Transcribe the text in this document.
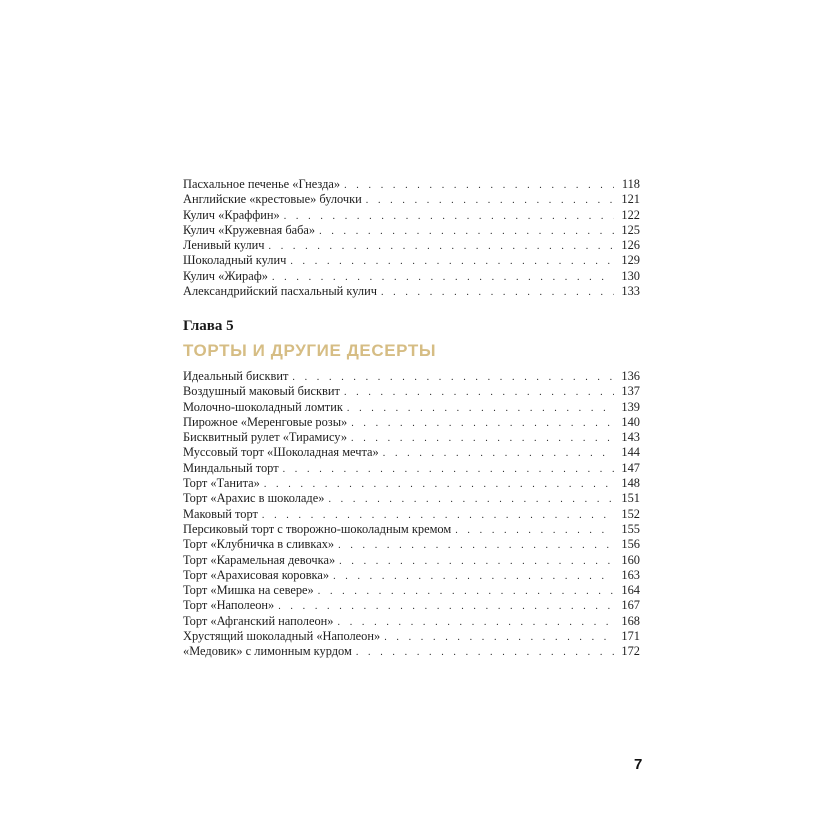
Пасхальное печенье «Гнезда» . . .	118
Английские «крестовые» булочки . . .	121
Кулич «Краффин» . . .	122
Кулич «Кружевная баба» . . .	125
Ленивый кулич . . .	126
Шоколадный кулич . . .	129
Кулич «Жираф» . . .	130
Александрийский пасхальный кулич . . .	133
Глава 5
ТОРТЫ И ДРУГИЕ ДЕСЕРТЫ
Идеальный бисквит . . .	136
Воздушный маковый бисквит . . .	137
Молочно-шоколадный ломтик . . .	139
Пирожное «Меренговые розы» . . .	140
Бисквитный рулет «Тирамису» . . .	143
Муссовый торт «Шоколадная мечта» . . .	144
Миндальный торт . . .	147
Торт «Танита» . . .	148
Торт «Арахис в шоколаде» . . .	151
Маковый торт . . .	152
Персиковый торт с творожно-шоколадным кремом . . .	155
Торт «Клубничка в сливках» . . .	156
Торт «Карамельная девочка» . . .	160
Торт «Арахисовая коровка» . . .	163
Торт «Мишка на севере» . . .	164
Торт «Наполеон» . . .	167
Торт «Афганский наполеон» . . .	168
Хрустящий шоколадный «Наполеон» . . .	171
«Медовик» с лимонным курдом . . .	172
7
